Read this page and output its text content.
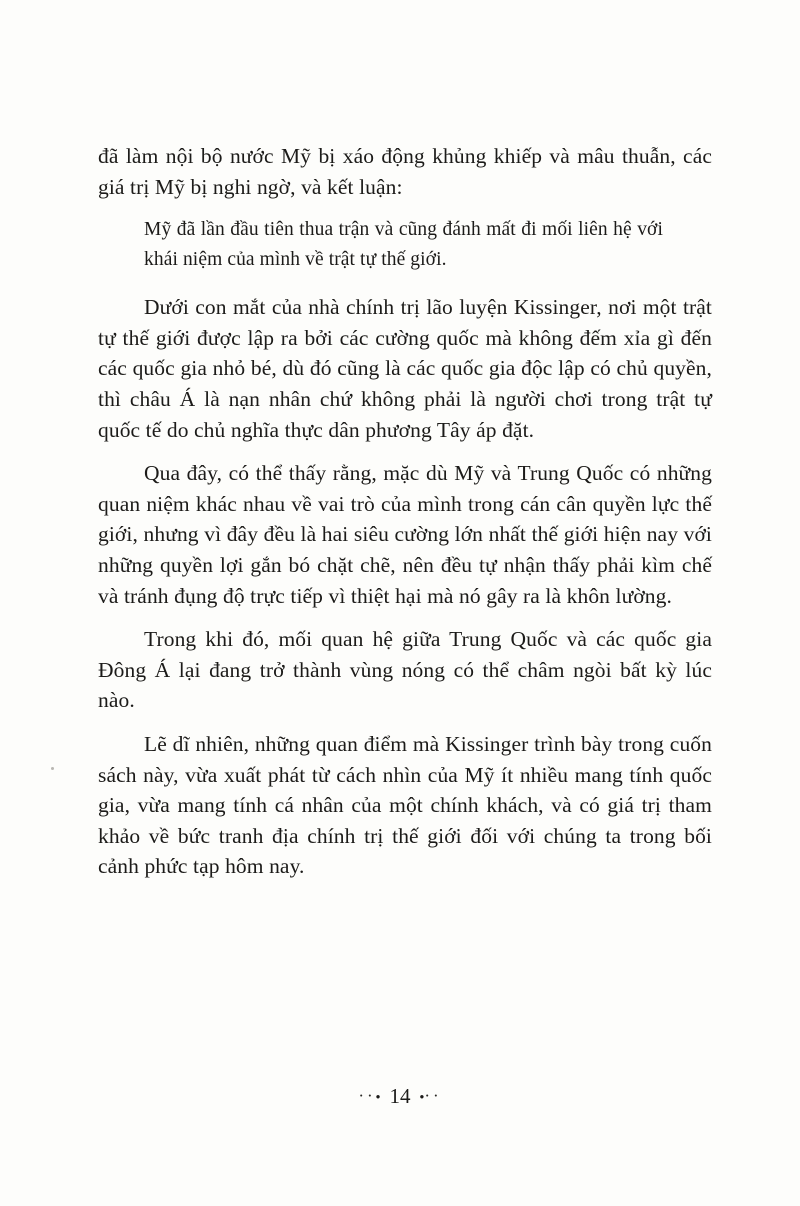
đã làm nội bộ nước Mỹ bị xáo động khủng khiếp và mâu thuẫn, các giá trị Mỹ bị nghi ngờ, và kết luận:

Mỹ đã lần đầu tiên thua trận và cũng đánh mất đi mối liên hệ với khái niệm của mình về trật tự thế giới.

Dưới con mắt của nhà chính trị lão luyện Kissinger, nơi một trật tự thế giới được lập ra bởi các cường quốc mà không đếm xỉa gì đến các quốc gia nhỏ bé, dù đó cũng là các quốc gia độc lập có chủ quyền, thì châu Á là nạn nhân chứ không phải là người chơi trong trật tự quốc tế do chủ nghĩa thực dân phương Tây áp đặt.

Qua đây, có thể thấy rằng, mặc dù Mỹ và Trung Quốc có những quan niệm khác nhau về vai trò của mình trong cán cân quyền lực thế giới, nhưng vì đây đều là hai siêu cường lớn nhất thế giới hiện nay với những quyền lợi gắn bó chặt chẽ, nên đều tự nhận thấy phải kìm chế và tránh đụng độ trực tiếp vì thiệt hại mà nó gây ra là khôn lường.

Trong khi đó, mối quan hệ giữa Trung Quốc và các quốc gia Đông Á lại đang trở thành vùng nóng có thể châm ngòi bất kỳ lúc nào.

Lẽ dĩ nhiên, những quan điểm mà Kissinger trình bày trong cuốn sách này, vừa xuất phát từ cách nhìn của Mỹ ít nhiều mang tính quốc gia, vừa mang tính cá nhân của một chính khách, và có giá trị tham khảo về bức tranh địa chính trị thế giới đối với chúng ta trong bối cảnh phức tạp hôm nay.

··● 14 ●··
